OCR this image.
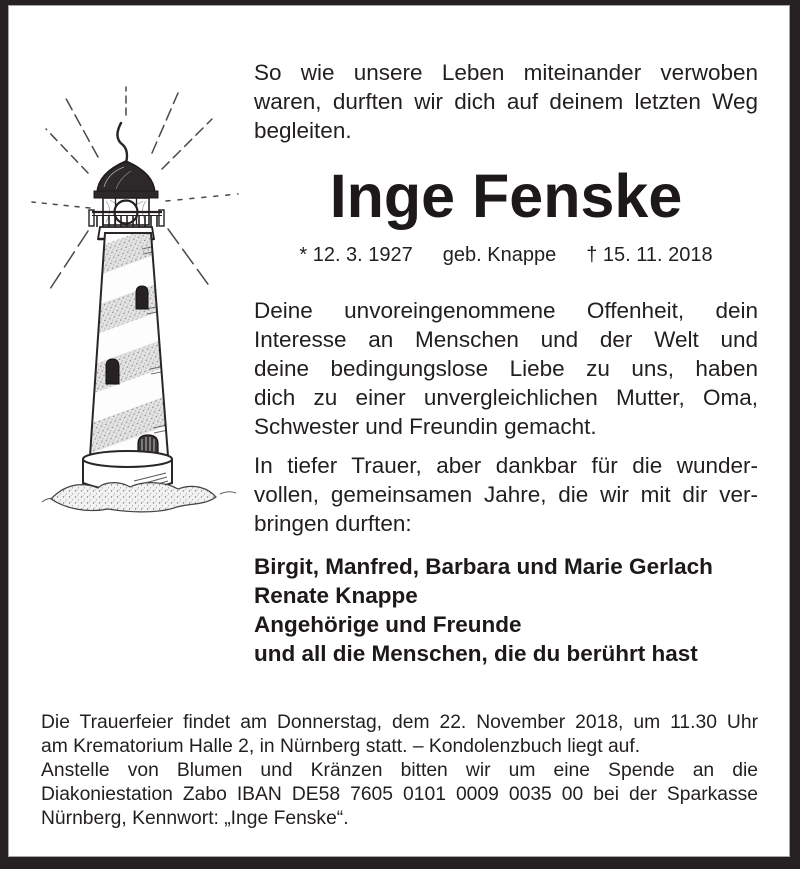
So wie unsere Leben miteinander verwoben
waren, durften wir dich auf deinem letzten Weg
begleiten.
Inge Fenske
* 12. 3. 1927 geb. Knappe † 15. 11. 2018
Deine unvoreingenommene Offenheit, dein
Interesse an Menschen und der Welt und
deine bedingungslose Liebe zu uns, haben
dich zu einer unvergleichlichen Mutter, Oma,
Schwester und Freundin gemacht.
In tiefer Trauer, aber dankbar für die wunder-
vollen, gemeinsamen Jahre, die wir mit dir ver-
bringen durften:
Birgit, Manfred, Barbara und Marie Gerlach
Renate Knappe
Angehörige und Freunde
und all die Menschen, die du berührt hast
Die Trauerfeier findet am Donnerstag, dem 22. November 2018, um 11.30 Uhr
am Krematorium Halle 2, in Nürnberg statt. – Kondolenzbuch liegt auf.
Anstelle von Blumen und Kränzen bitten wir um eine Spende an die
Diakoniestation Zabo IBAN DE58 7605 0101 0009 0035 00 bei der Sparkasse
Nürnberg, Kennwort: „Inge Fenske“.
